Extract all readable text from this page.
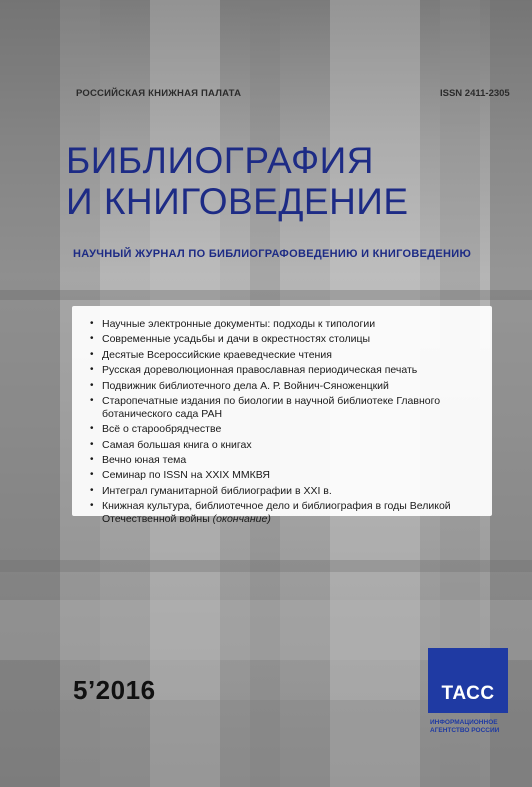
РОССИЙСКАЯ КНИЖНАЯ ПАЛАТА	ISSN 2411-2305
БИБЛИОГРАФИЯ
И КНИГОВЕДЕНИЕ
НАУЧНЫЙ ЖУРНАЛ ПО БИБЛИОГРАФОВЕДЕНИЮ И КНИГОВЕДЕНИЮ
• Научные электронные документы: подходы к типологии
• Современные усадьбы и дачи в окрестностях столицы
• Десятые Всероссийские краеведческие чтения
• Русская дореволюционная православная периодическая печать
• Подвижник библиотечного дела А. Р. Войнич-Сяноженцкий
• Старопечатные издания по биологии в научной библиотеке Главного ботанического сада РАН
• Всё о старообрядчестве
• Самая большая книга о книгах
• Вечно юная тема
• Семинар по ISSN на XXIX ММКВЯ
• Интеграл гуманитарной библиографии в XXI в.
• Книжная культура, библиотечное дело и библиография в годы Великой Отечественной войны (окончание)
5’2016	ТАСС
ИНФОРМАЦИОННОЕ
АГЕНТСТВО РОССИИ
